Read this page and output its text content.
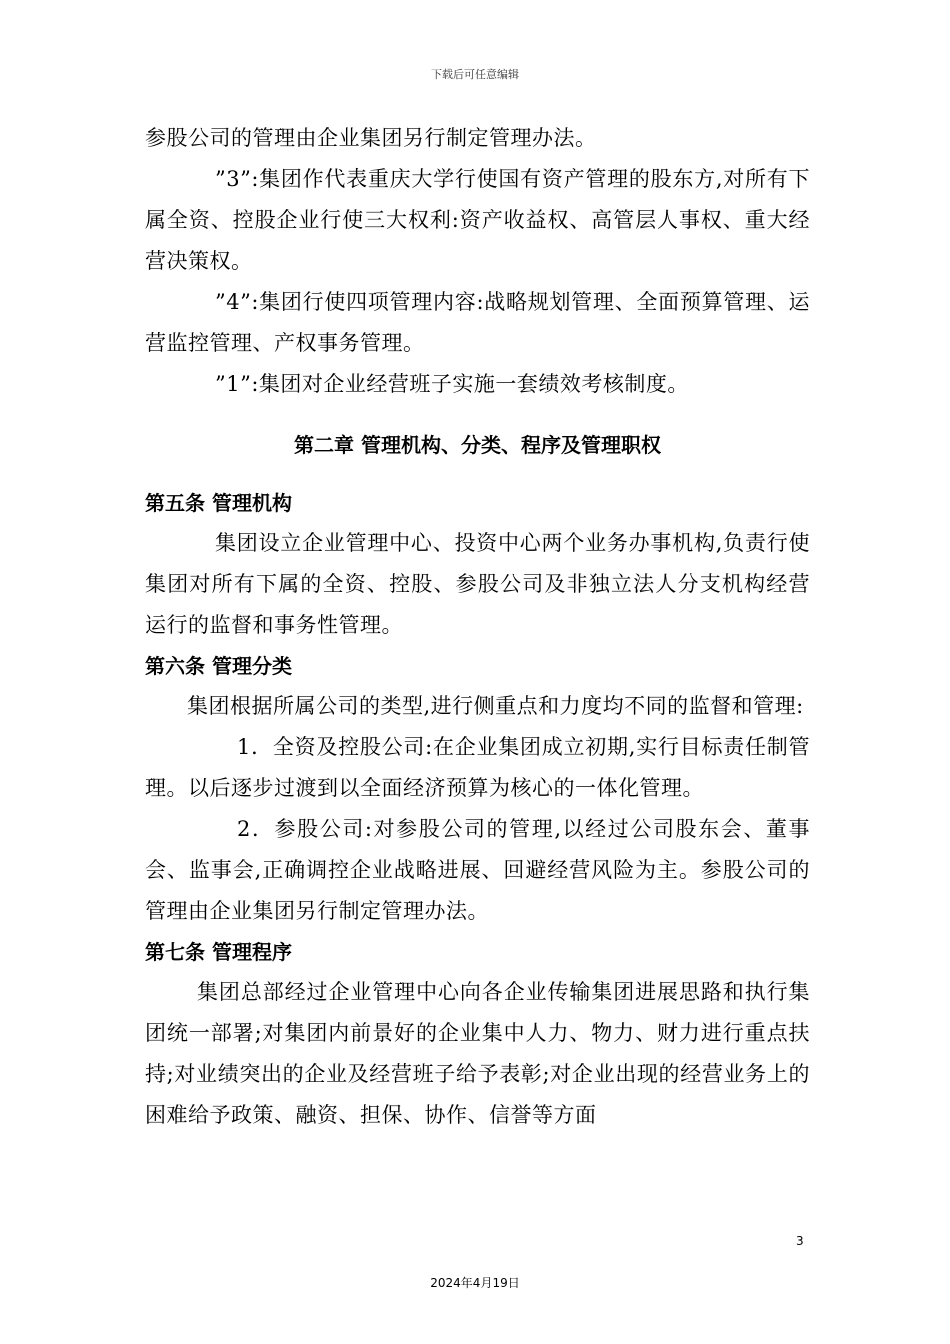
下载后可任意编辑

参股公司的管理由企业集团另行制定管理办法。

”3”:集团作代表重庆大学行使国有资产管理的股东方,对所有下属全资、控股企业行使三大权利:资产收益权、高管层人事权、重大经营决策权。

”4”:集团行使四项管理内容:战略规划管理、全面预算管理、运营监控管理、产权事务管理。

”1”:集团对企业经营班子实施一套绩效考核制度。

第二章 管理机构、分类、程序及管理职权
第五条 管理机构

集团设立企业管理中心、投资中心两个业务办事机构,负责行使集团对所有下属的全资、控股、参股公司及非独立法人分支机构经营运行的监督和事务性管理。

第六条 管理分类

集团根据所属公司的类型,进行侧重点和力度均不同的监督和管理:

1．全资及控股公司:在企业集团成立初期,实行目标责任制管理。以后逐步过渡到以全面经济预算为核心的一体化管理。

2．参股公司:对参股公司的管理,以经过公司股东会、董事会、监事会,正确调控企业战略进展、回避经营风险为主。参股公司的管理由企业集团另行制定管理办法。

第七条 管理程序

集团总部经过企业管理中心向各企业传输集团进展思路和执行集团统一部署;对集团内前景好的企业集中人力、物力、财力进行重点扶持;对业绩突出的企业及经营班子给予表彰;对企业出现的经营业务上的困难给予政策、融资、担保、协作、信誉等方面

3
2024年4月19日
